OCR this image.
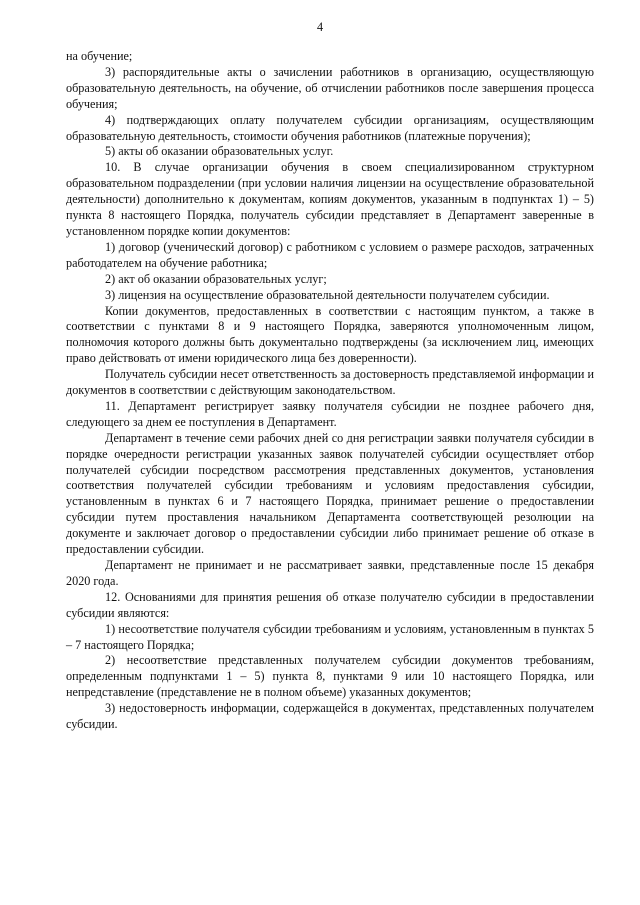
4

на обучение;

3) распорядительные акты о зачислении работников в организацию, осуществляющую образовательную деятельность, на обучение, об отчислении работников после завершения процесса обучения;

4) подтверждающих оплату получателем субсидии организациям, осуществляющим образовательную деятельность, стоимости обучения работников (платежные поручения);

5) акты об оказании образовательных услуг.

10. В случае организации обучения в своем специализированном структурном образовательном подразделении (при условии наличия лицензии на осуществление образовательной деятельности) дополнительно к документам, копиям документов, указанным в подпунктах 1) – 5) пункта 8 настоящего Порядка, получатель субсидии представляет в Департамент заверенные в установленном порядке копии документов:

1) договор (ученический договор) с работником с условием о размере расходов, затраченных работодателем на обучение работника;

2) акт об оказании образовательных услуг;

3) лицензия на осуществление образовательной деятельности получателем субсидии.

Копии документов, предоставленных в соответствии с настоящим пунктом, а также в соответствии с пунктами 8 и 9 настоящего Порядка, заверяются уполномоченным лицом, полномочия которого должны быть документально подтверждены (за исключением лиц, имеющих право действовать от имени юридического лица без доверенности).

Получатель субсидии несет ответственность за достоверность представляемой информации и документов в соответствии с действующим законодательством.

11. Департамент регистрирует заявку получателя субсидии не позднее рабочего дня, следующего за днем ее поступления в Департамент.

Департамент в течение семи рабочих дней со дня регистрации заявки получателя субсидии в порядке очередности регистрации указанных заявок получателей субсидии осуществляет отбор получателей субсидии посредством рассмотрения представленных документов, установления соответствия получателей субсидии требованиям и условиям предоставления субсидии, установленным в пунктах 6 и 7 настоящего Порядка, принимает решение о предоставлении субсидии путем проставления начальником Департамента соответствующей резолюции на документе и заключает договор о предоставлении субсидии либо принимает решение об отказе в предоставлении субсидии.

Департамент не принимает и не рассматривает заявки, представленные после 15 декабря 2020 года.

12. Основаниями для принятия решения об отказе получателю субсидии в предоставлении субсидии являются:

1) несоответствие получателя субсидии требованиям и условиям, установленным в пунктах 5 – 7 настоящего Порядка;

2) несоответствие представленных получателем субсидии документов требованиям, определенным подпунктами 1 – 5) пункта 8, пунктами 9 или 10 настоящего Порядка, или непредставление (представление не в полном объеме) указанных документов;

3) недостоверность информации, содержащейся в документах, представленных получателем субсидии.
